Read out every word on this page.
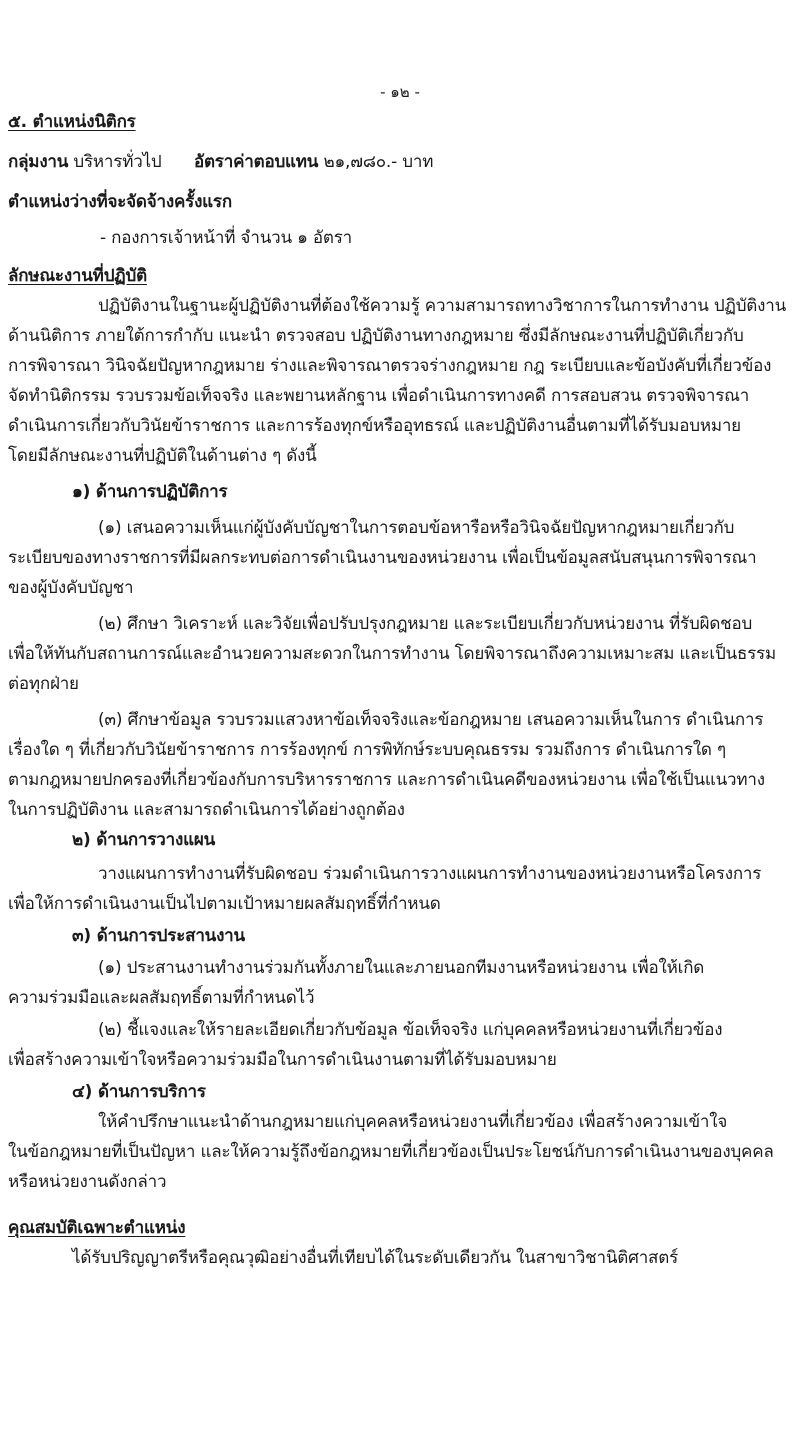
- ๑๒ -
๕. ตำแหน่งนิติกร
กลุ่มงาน บริหารทั่วไป อัตราค่าตอบแทน ๒๑,๗๘๐.- บาท
ตำแหน่งว่างที่จะจัดจ้างครั้งแรก
- กองการเจ้าหน้าที่ จำนวน ๑ อัตรา
ลักษณะงานที่ปฏิบัติ
ปฏิบัติงานในฐานะผู้ปฏิบัติงานที่ต้องใช้ความรู้ ความสามารถทางวิชาการในการทำงาน ปฏิบัติงาน
ด้านนิติการ ภายใต้การกำกับ แนะนำ ตรวจสอบ ปฏิบัติงานทางกฎหมาย ซึ่งมีลักษณะงานที่ปฏิบัติเกี่ยวกับ
การพิจารณา วินิจฉัยปัญหากฎหมาย ร่างและพิจารณาตรวจร่างกฎหมาย กฎ ระเบียบและข้อบังคับที่เกี่ยวข้อง
จัดทำนิติกรรม รวบรวมข้อเท็จจริง และพยานหลักฐาน เพื่อดำเนินการทางคดี การสอบสวน ตรวจพิจารณา
ดำเนินการเกี่ยวกับวินัยข้าราชการ และการร้องทุกข์หรืออุทธรณ์ และปฏิบัติงานอื่นตามที่ได้รับมอบหมาย
โดยมีลักษณะงานที่ปฏิบัติในด้านต่าง ๆ ดังนี้
๑) ด้านการปฏิบัติการ
(๑) เสนอความเห็นแก่ผู้บังคับบัญชาในการตอบข้อหารือหรือวินิจฉัยปัญหากฎหมายเกี่ยวกับ
ระเบียบของทางราชการที่มีผลกระทบต่อการดำเนินงานของหน่วยงาน เพื่อเป็นข้อมูลสนับสนุนการพิจารณา
ของผู้บังคับบัญชา
(๒) ศึกษา วิเคราะห์ และวิจัยเพื่อปรับปรุงกฎหมาย และระเบียบเกี่ยวกับหน่วยงาน ที่รับผิดชอบ
เพื่อให้ทันกับสถานการณ์และอำนวยความสะดวกในการทำงาน โดยพิจารณาถึงความเหมาะสม และเป็นธรรม
ต่อทุกฝ่าย
(๓) ศึกษาข้อมูล รวบรวมแสวงหาข้อเท็จจริงและข้อกฎหมาย เสนอความเห็นในการ ดำเนินการ
เรื่องใด ๆ ที่เกี่ยวกับวินัยข้าราชการ การร้องทุกข์ การพิทักษ์ระบบคุณธรรม รวมถึงการ ดำเนินการใด ๆ
ตามกฎหมายปกครองที่เกี่ยวข้องกับการบริหารราชการ และการดำเนินคดีของหน่วยงาน เพื่อใช้เป็นแนวทาง
ในการปฏิบัติงาน และสามารถดำเนินการได้อย่างถูกต้อง
๒) ด้านการวางแผน
วางแผนการทำงานที่รับผิดชอบ ร่วมดำเนินการวางแผนการทำงานของหน่วยงานหรือโครงการ
เพื่อให้การดำเนินงานเป็นไปตามเป้าหมายผลสัมฤทธิ์ที่กำหนด
๓) ด้านการประสานงาน
(๑) ประสานงานทำงานร่วมกันทั้งภายในและภายนอกทีมงานหรือหน่วยงาน เพื่อให้เกิด
ความร่วมมือและผลสัมฤทธิ์ตามที่กำหนดไว้
(๒) ชี้แจงและให้รายละเอียดเกี่ยวกับข้อมูล ข้อเท็จจริง แก่บุคคลหรือหน่วยงานที่เกี่ยวข้อง
เพื่อสร้างความเข้าใจหรือความร่วมมือในการดำเนินงานตามที่ได้รับมอบหมาย
๔) ด้านการบริการ
ให้คำปรึกษาแนะนำด้านกฎหมายแก่บุคคลหรือหน่วยงานที่เกี่ยวข้อง เพื่อสร้างความเข้าใจ
ในข้อกฎหมายที่เป็นปัญหา และให้ความรู้ถึงข้อกฎหมายที่เกี่ยวข้องเป็นประโยชน์กับการดำเนินงานของบุคคล
หรือหน่วยงานดังกล่าว
คุณสมบัติเฉพาะตำแหน่ง
ได้รับปริญญาตรีหรือคุณวุฒิอย่างอื่นที่เทียบได้ในระดับเดียวกัน ในสาขาวิชานิติศาสตร์
